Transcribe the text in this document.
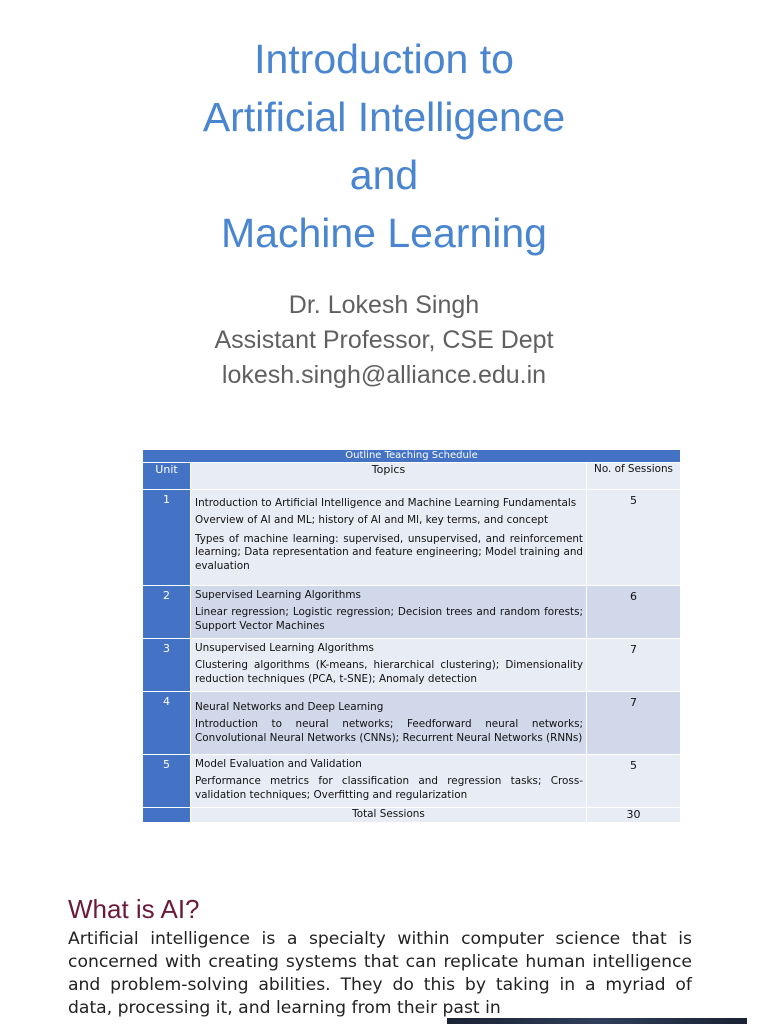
Introduction to
Artificial Intelligence
and
Machine Learning
Dr. Lokesh Singh
Assistant Professor, CSE Dept
lokesh.singh@alliance.edu.in
Outline Teaching Schedule		
Unit	Topics	No. of Sessions
1	Introduction to Artificial Intelligence and Machine Learning Fundamentals
Overview of AI and ML; history of AI and Ml, key terms, and concept
Types of machine learning: supervised, unsupervised, and reinforcement learning; Data representation and feature engineering; Model training and evaluation	5
2	Supervised Learning Algorithms
Linear regression; Logistic regression; Decision trees and random forests; Support Vector Machines	6
3	Unsupervised Learning Algorithms
Clustering algorithms (K-means, hierarchical clustering); Dimensionality reduction techniques (PCA, t-SNE); Anomaly detection	7
4	Neural Networks and Deep Learning
Introduction to neural networks; Feedforward neural networks; Convolutional Neural Networks (CNNs); Recurrent Neural Networks (RNNs)	7
5	Model Evaluation and Validation
Performance metrics for classification and regression tasks; Cross-validation techniques; Overfitting and regularization	5
	Total Sessions	30
What is AI?

Artificial intelligence is a specialty within computer science that is concerned with creating systems that can replicate human intelligence and problem-solving abilities. They do this by taking in a myriad of data, processing it, and learning from their past in
